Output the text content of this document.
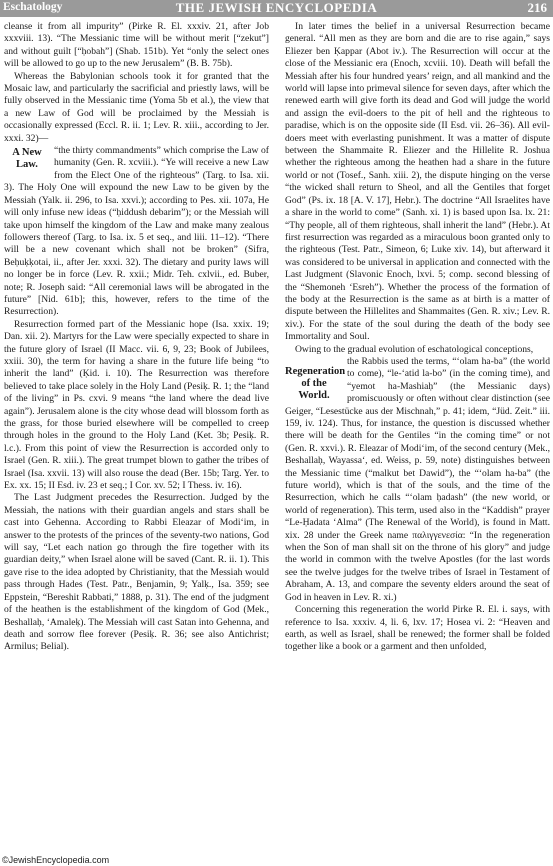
Eschatology	THE JEWISH ENCYCLOPEDIA	216

cleanse it from all impurity” (Pirke R. El. xxxiv. 21, after Job xxxviii. 13). “The Messianic time will be without merit [“zekut”] and without guilt [“ḥobah”] (Shab. 151b). Yet “only the select ones will be allowed to go up to the new Jerusalem” (B. B. 75b).

Whereas the Babylonian schools took it for granted that the Mosaic law, and particularly the sacrificial and priestly laws, will be fully observed in the Messianic time (Yoma 5b et al.), the view that a new Law of God will be proclaimed by the Messiah is occasionally expressed (Eccl. R. ii. 1; Lev. R. xiii., according to Jer. xxxi. 32)—

A New Law.

“the thirty commandments” which comprise the Law of humanity (Gen. R. xcviii.). “Ye will receive a new Law from the Elect One of the righteous” (Targ. to Isa. xii. 3). The Holy One will expound the new Law to be given by the Messiah (Yalk. ii. 296, to Isa. xxvi.); according to Pes. xii. 107a, He will only infuse new ideas (“ḥiddush debarim”); or the Messiah will take upon himself the kingdom of the Law and make many zealous followers thereof (Targ. to Isa. ix. 5 et seq., and liii. 11–12). “There will be a new covenant which shall not be broken” (Sifra, Beḥuḳḳotai, ii., after Jer. xxxi. 32). The dietary and purity laws will no longer be in force (Lev. R. xxii.; Midr. Teh. cxlvii., ed. Buber, note; R. Joseph said: “All ceremonial laws will be abrogated in the future” [Nid. 61b]; this, however, refers to the time of the Resurrection).

Resurrection formed part of the Messianic hope (Isa. xxix. 19; Dan. xii. 2). Martyrs for the Law were specially expected to share in the future glory of Israel (II Macc. vii. 6, 9, 23; Book of Jubilees, xxiii. 30), the term for having a share in the future life being “to inherit the land” (Ḳid. i. 10). The Resurrection was therefore believed to take place solely in the Holy Land (Pesiḳ. R. 1; the “land of the living” in Ps. cxvi. 9 means “the land where the dead live again”). Jerusalem alone is the city whose dead will blossom forth as the grass, for those buried elsewhere will be compelled to creep through holes in the ground to the Holy Land (Ket. 3b; Pesiḳ. R. l.c.). From this point of view the Resurrection is accorded only to Israel (Gen. R. xiii.). The great trumpet blown to gather the tribes of Israel (Isa. xxvii. 13) will also rouse the dead (Ber. 15b; Targ. Yer. to Ex. xx. 15; II Esd. iv. 23 et seq.; I Cor. xv. 52; I Thess. iv. 16).

The Last Judgment precedes the Resurrection. Judged by the Messiah, the nations with their guardian angels and stars shall be cast into Gehenna. According to Rabbi Eleazar of Modi‘im, in answer to the protests of the princes of the seventy-two nations, God will say, “Let each nation go through the fire together with its guardian deity,” when Israel alone will be saved (Cant. R. ii. 1). This gave rise to the idea adopted by Christianity, that the Messiah would pass through Hades (Test. Patr., Benjamin, 9; Yalḳ., Isa. 359; see Eppstein, “Bereshit Rabbati,” 1888, p. 31). The end of the judgment of the heathen is the establishment of the kingdom of God (Mek., Beshallaḥ, ‘Amaleḳ). The Messiah will cast Satan into Gehenna, and death and sorrow flee forever (Pesiḳ. R. 36; see also Antichrist; Armilus; Belial).

In later times the belief in a universal Resurrection became general. “All men as they are born and die are to rise again,” says Eliezer ben Ḳappar (Abot iv.). The Resurrection will occur at the close of the Messianic era (Enoch, xcviii. 10). Death will befall the Messiah after his four hundred years’ reign, and all mankind and the world will lapse into primeval silence for seven days, after which the renewed earth will give forth its dead and God will judge the world and assign the evil-doers to the pit of hell and the righteous to paradise, which is on the opposite side (II Esd. vii. 26–36). All evil-doers meet with everlasting punishment. It was a matter of dispute between the Shammaite R. Eliezer and the Hillelite R. Joshua whether the righteous among the heathen had a share in the future world or not (Tosef., Sanh. xiii. 2), the dispute hinging on the verse “the wicked shall return to Sheol, and all the Gentiles that forget God” (Ps. ix. 18 [A. V. 17], Hebr.). The doctrine “All Israelites have a share in the world to come” (Sanh. xi. 1) is based upon Isa. lx. 21: “Thy people, all of them righteous, shall inherit the land” (Hebr.). At first resurrection was regarded as a miraculous boon granted only to the righteous (Test. Patr., Simeon, 6; Luke xiv. 14), but afterward it was considered to be universal in application and connected with the Last Judgment (Slavonic Enoch, lxvi. 5; comp. second blessing of the “Shemoneh ‘Esreh”). Whether the process of the formation of the body at the Resurrection is the same as at birth is a matter of dispute between the Hillelites and Shammaites (Gen. R. xiv.; Lev. R. xiv.). For the state of the soul during the death of the body see Immortality and Soul.

Owing to the gradual evolution of eschatological conceptions,

Regeneration of the World.

the Rabbis used the terms, “‘olam ha-ba” (the world to come), “le-‘atid la-bo” (in the coming time), and “yemot ha-Mashiaḥ” (the Messianic days) promiscuously or often without clear distinction (see Geiger, “Lesestücke aus der Mischnah,” p. 41; idem, “Jüd. Zeit.” iii. 159, iv. 124). Thus, for instance, the question is discussed whether there will be death for the Gentiles “in the coming time” or not (Gen. R. xxvi.). R. Eleazar of Modi‘im, of the second century (Mek., Beshallaḥ, Wayassa‘, ed. Weiss, p. 59, note) distinguishes between the Messianic time (“malkut bet Dawid”), the “‘olam ha-ba” (the future world), which is that of the souls, and the time of the Resurrection, which he calls “‘olam ḥadash” (the new world, or world of regeneration). This term, used also in the “Kaddish” prayer “Le-Ḥadata ‘Alma” (The Renewal of the World), is found in Matt. xix. 28 under the Greek name παλιγγενεσία: “In the regeneration when the Son of man shall sit on the throne of his glory” and judge the world in common with the twelve Apostles (for the last words see the twelve judges for the twelve tribes of Israel in Testament of Abraham, A. 13, and compare the seventy elders around the seat of God in heaven in Lev. R. xi.)

Concerning this regeneration the world Pirke R. El. i. says, with reference to Isa. xxxiv. 4, li. 6, lxv. 17; Hosea vi. 2: “Heaven and earth, as well as Israel, shall be renewed; the former shall be folded together like a book or a garment and then unfolded,

©JewishEncyclopedia.com
